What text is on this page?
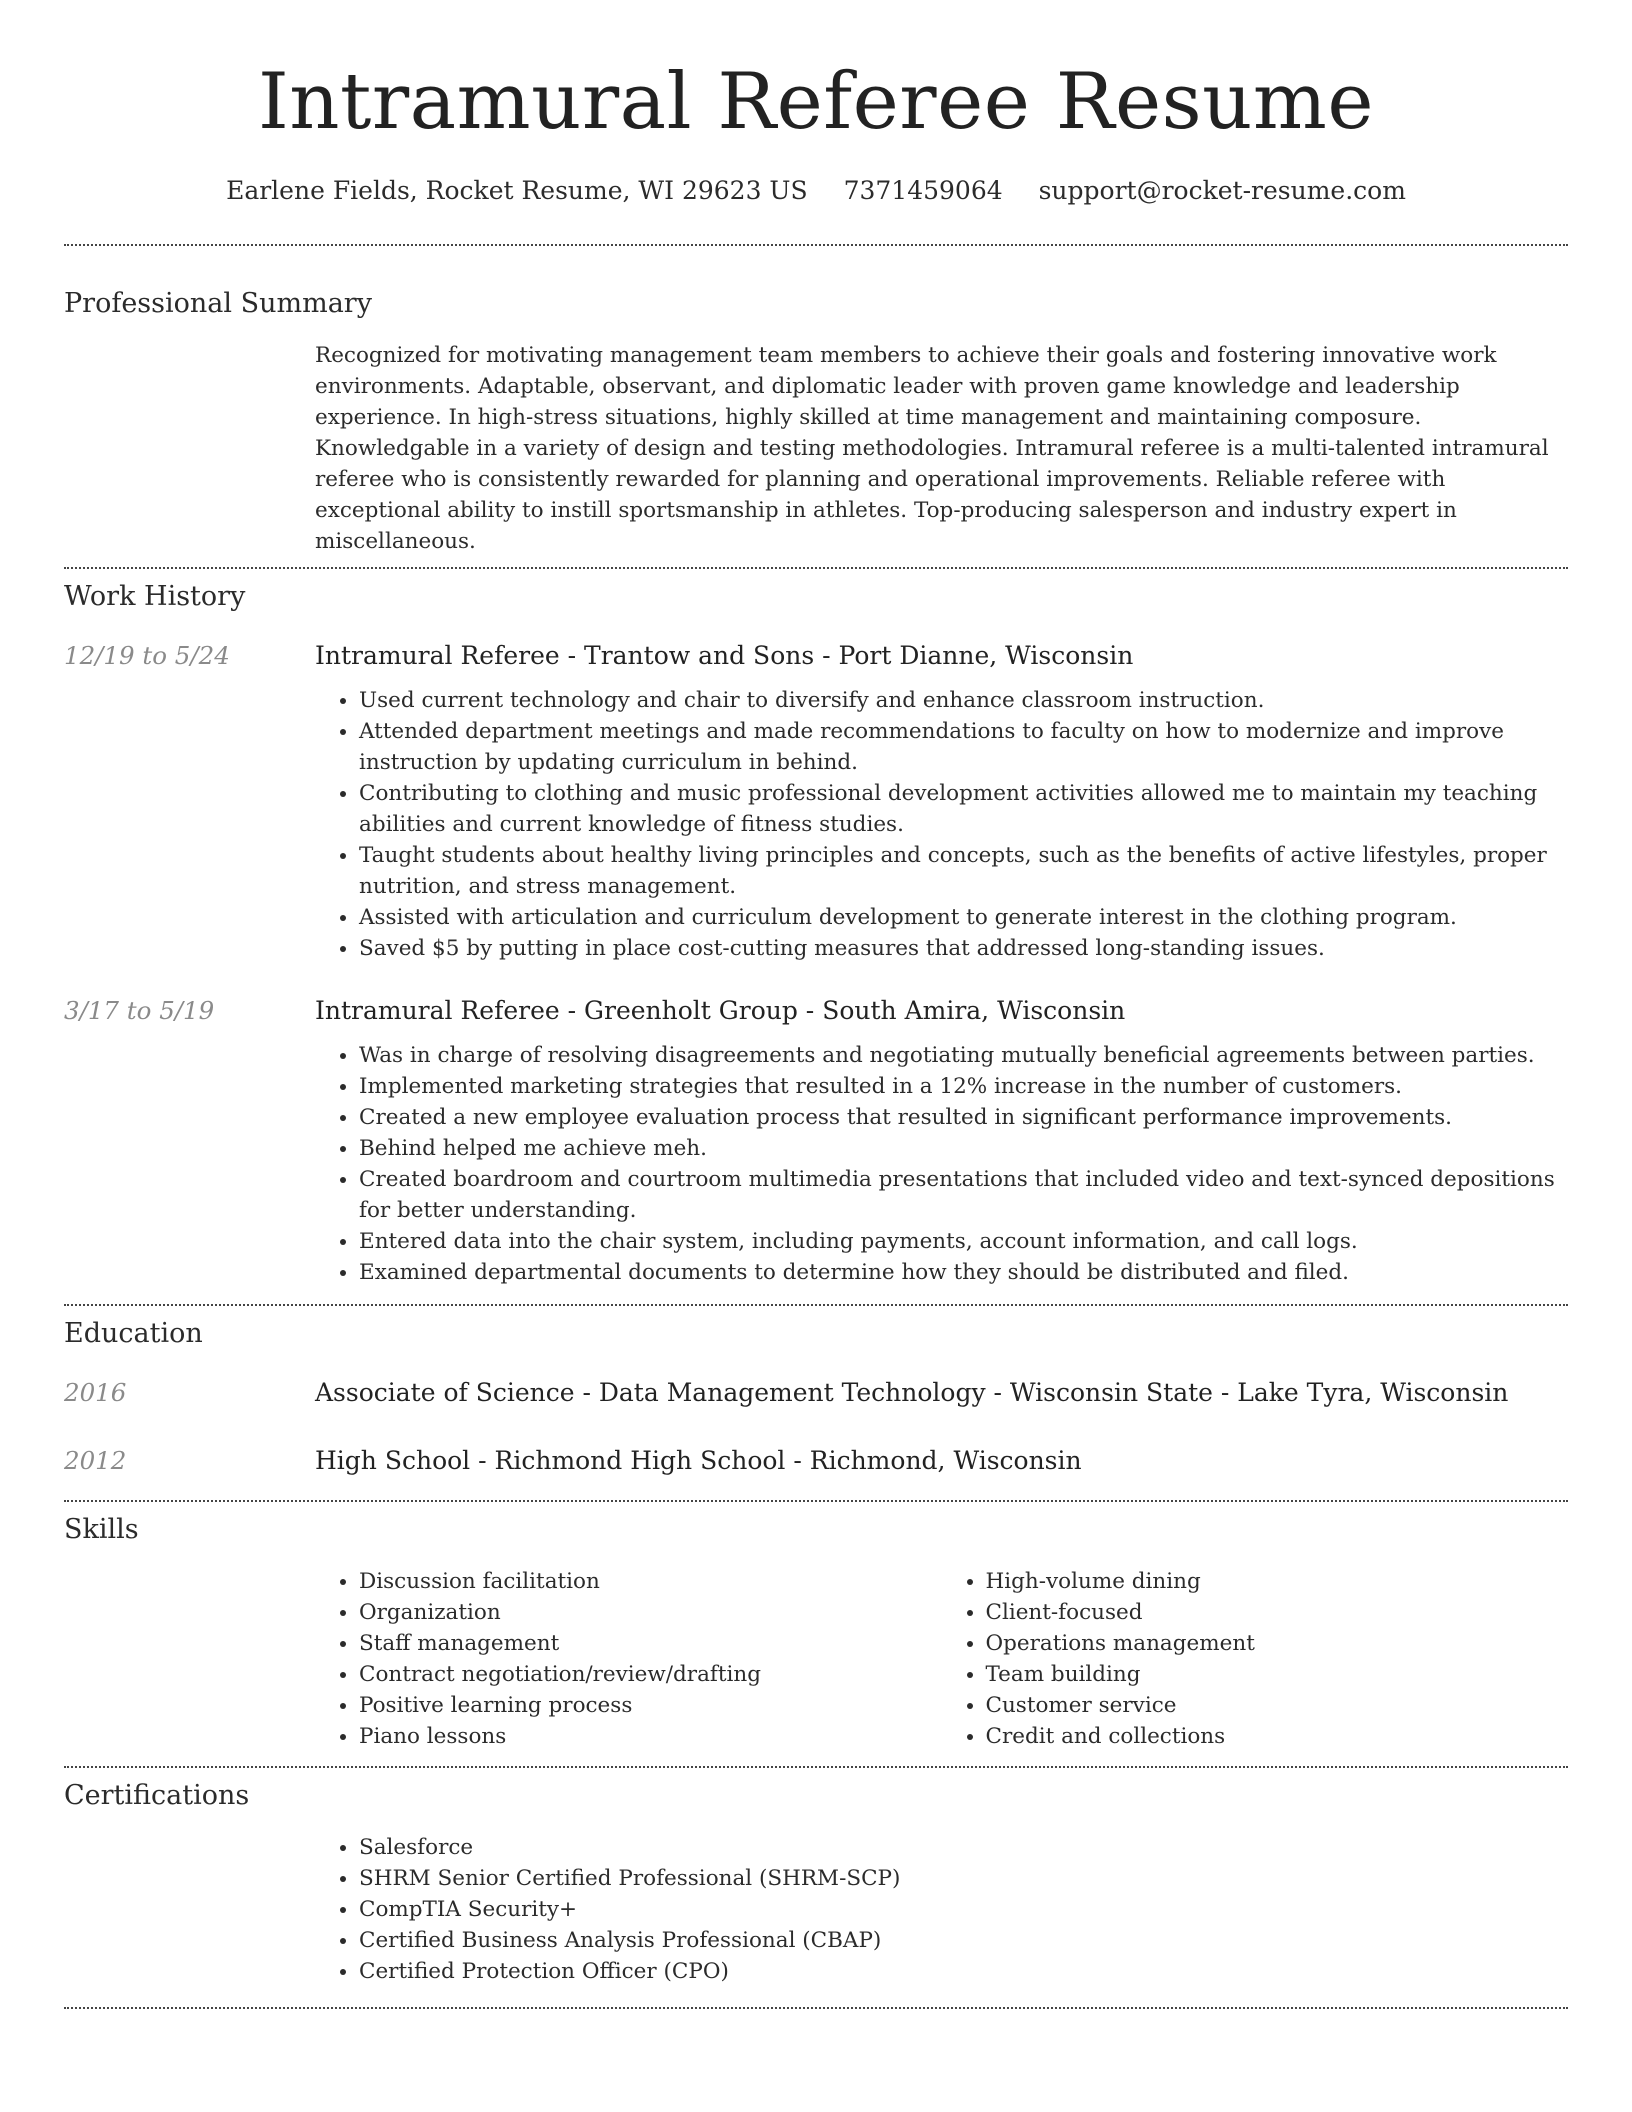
Intramural Referee Resume
Earlene Fields, Rocket Resume, WI 29623 US 7371459064 support@rocket-resume.com
Professional Summary
Recognized for motivating management team members to achieve their goals and fostering innovative work environments. Adaptable, observant, and diplomatic leader with proven game knowledge and leadership experience. In high-stress situations, highly skilled at time management and maintaining composure. Knowledgable in a variety of design and testing methodologies. Intramural referee is a multi-talented intramural referee who is consistently rewarded for planning and operational improvements. Reliable referee with exceptional ability to instill sportsmanship in athletes. Top-producing salesperson and industry expert in miscellaneous.
Work History
12/19 to 5/24	Intramural Referee - Trantow and Sons - Port Dianne, Wisconsin
• Used current technology and chair to diversify and enhance classroom instruction.
• Attended department meetings and made recommendations to faculty on how to modernize and improve instruction by updating curriculum in behind.
• Contributing to clothing and music professional development activities allowed me to maintain my teaching abilities and current knowledge of fitness studies.
• Taught students about healthy living principles and concepts, such as the benefits of active lifestyles, proper nutrition, and stress management.
• Assisted with articulation and curriculum development to generate interest in the clothing program.
• Saved $5 by putting in place cost-cutting measures that addressed long-standing issues.
3/17 to 5/19	Intramural Referee - Greenholt Group - South Amira, Wisconsin
• Was in charge of resolving disagreements and negotiating mutually beneficial agreements between parties.
• Implemented marketing strategies that resulted in a 12% increase in the number of customers.
• Created a new employee evaluation process that resulted in significant performance improvements.
• Behind helped me achieve meh.
• Created boardroom and courtroom multimedia presentations that included video and text-synced depositions for better understanding.
• Entered data into the chair system, including payments, account information, and call logs.
• Examined departmental documents to determine how they should be distributed and filed.
Education
2016	Associate of Science - Data Management Technology - Wisconsin State - Lake Tyra, Wisconsin
2012	High School - Richmond High School - Richmond, Wisconsin
Skills
• Discussion facilitation
• Organization
• Staff management
• Contract negotiation/review/drafting
• Positive learning process
• Piano lessons
• High-volume dining
• Client-focused
• Operations management
• Team building
• Customer service
• Credit and collections
Certifications
• Salesforce
• SHRM Senior Certified Professional (SHRM-SCP)
• CompTIA Security+
• Certified Business Analysis Professional (CBAP)
• Certified Protection Officer (CPO)
